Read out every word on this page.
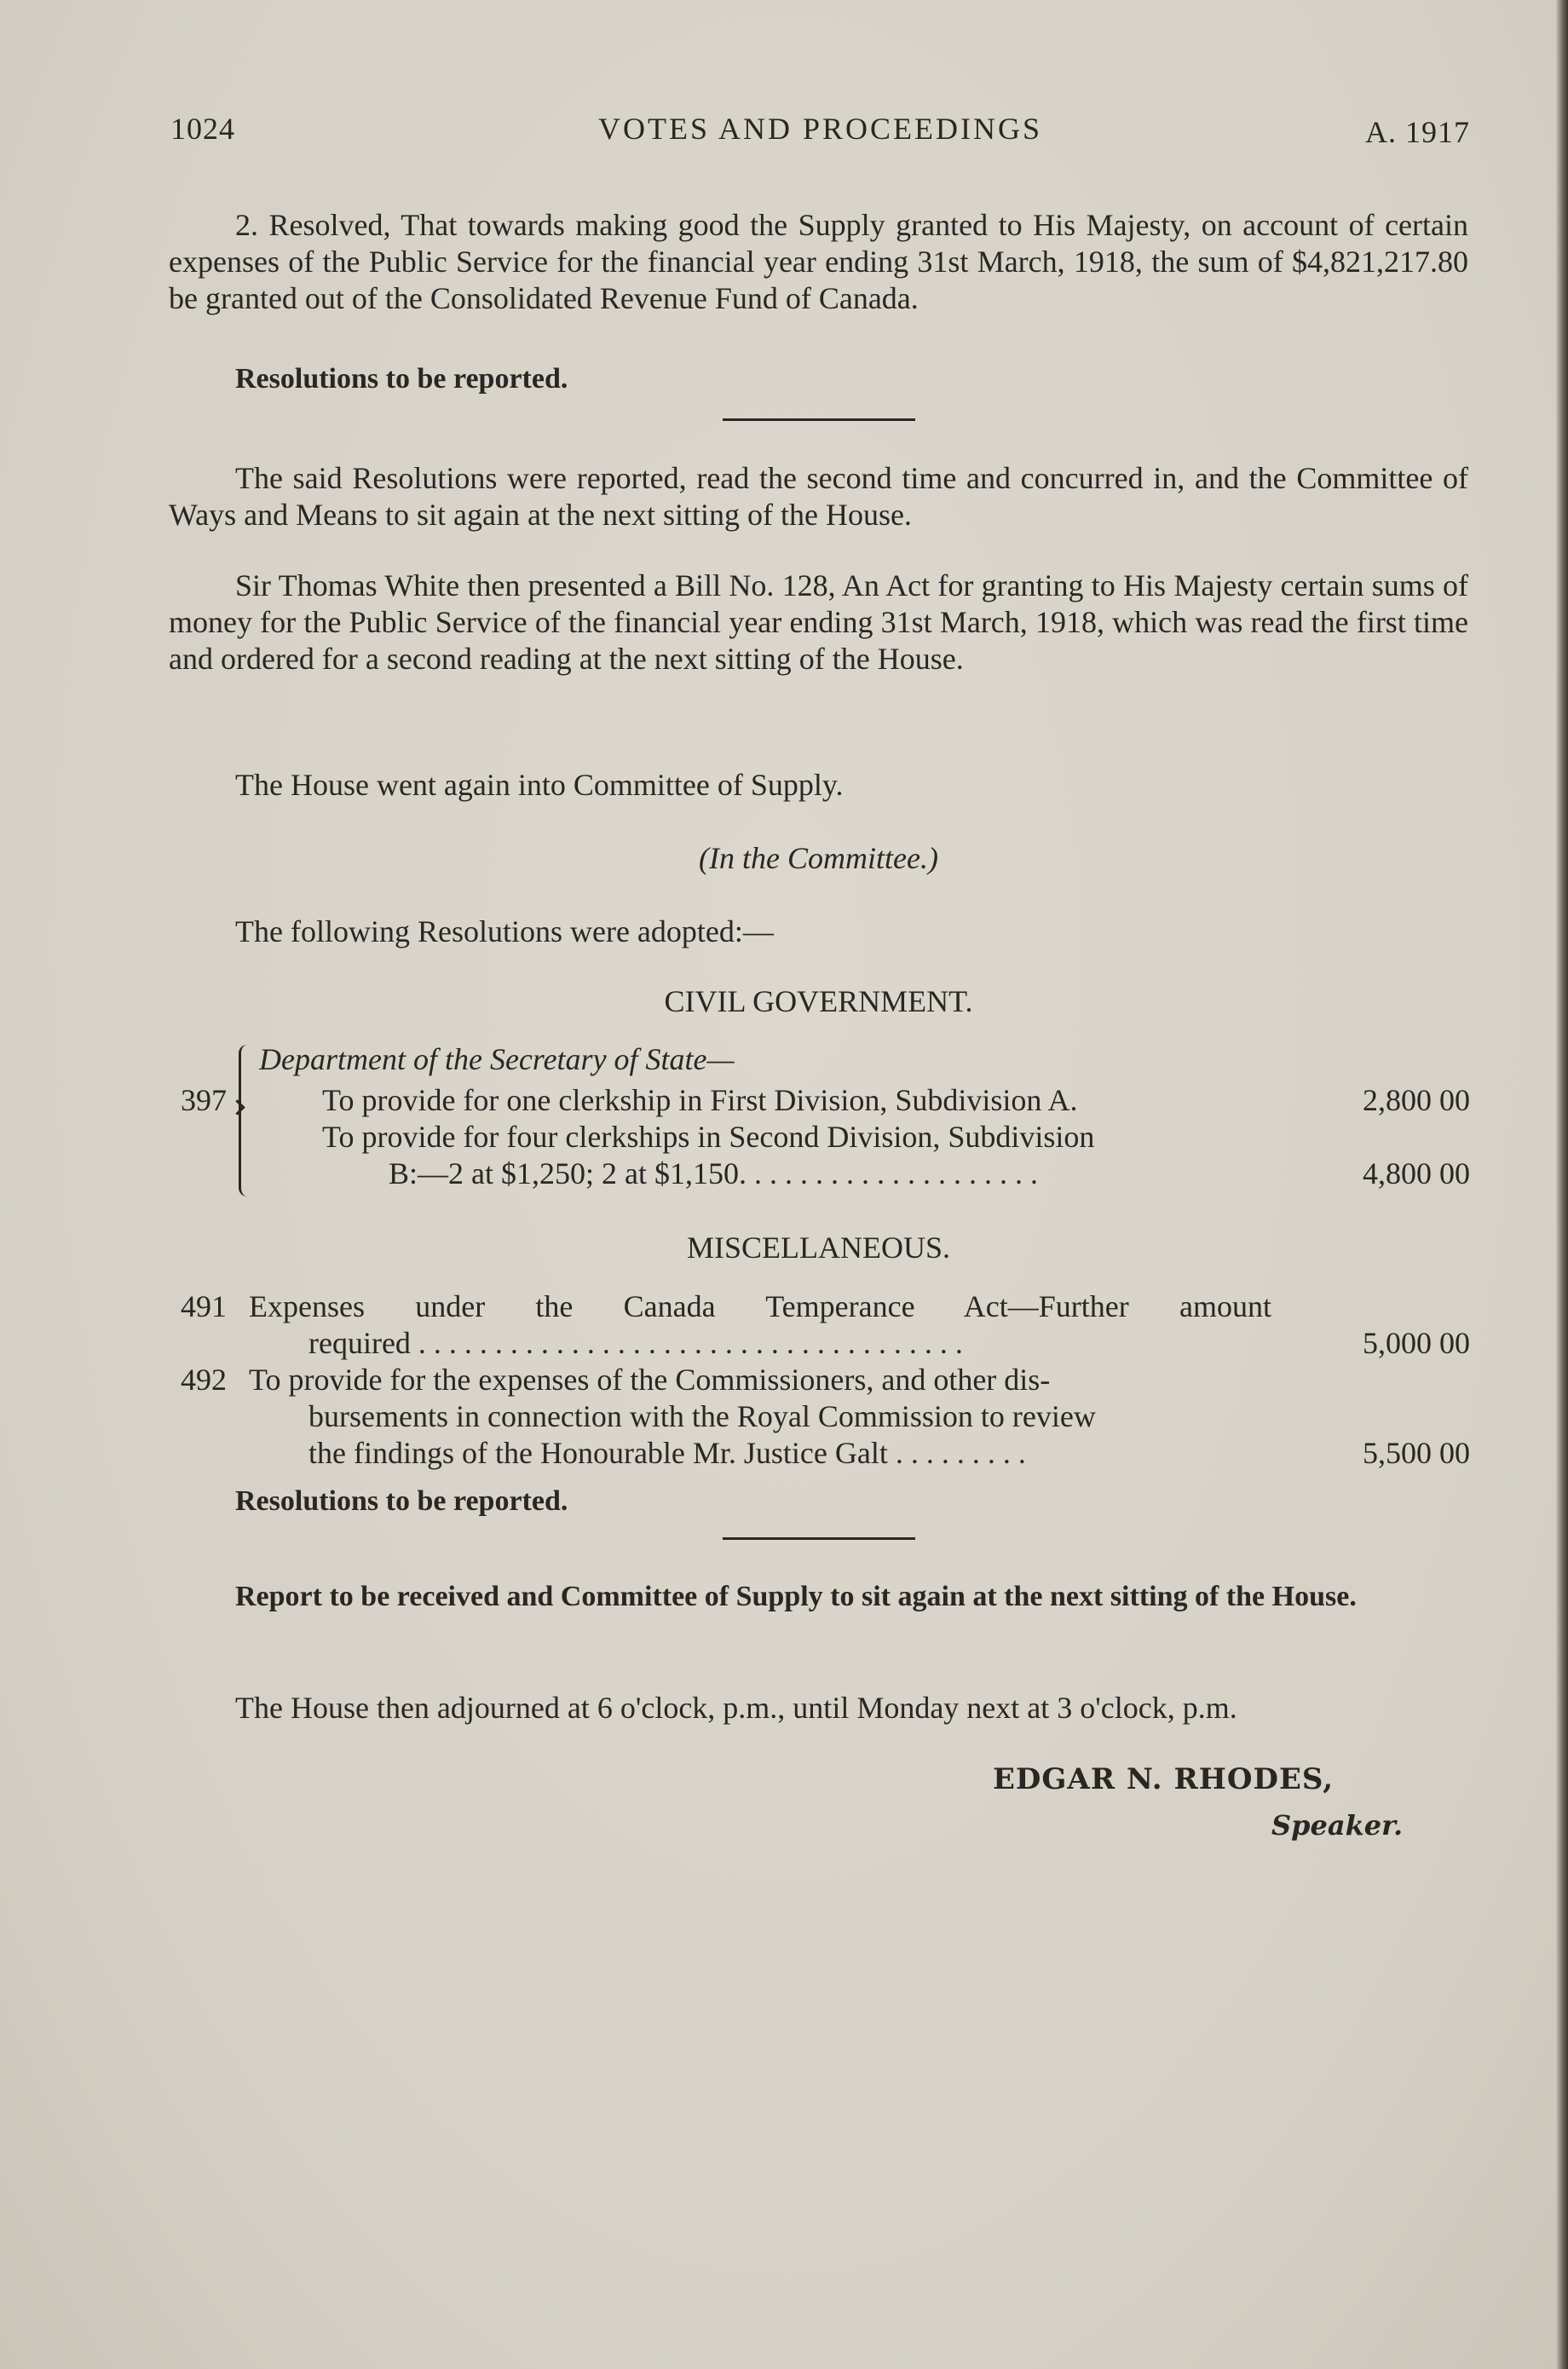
1024	VOTES AND PROCEEDINGS	A. 1917
2. Resolved, That towards making good the Supply granted to His Majesty, on account of certain expenses of the Public Service for the financial year ending 31st March, 1918, the sum of $4,821,217.80 be granted out of the Consolidated Revenue Fund of Canada.
Resolutions to be reported.
The said Resolutions were reported, read the second time and concurred in, and the Committee of Ways and Means to sit again at the next sitting of the House.
Sir Thomas White then presented a Bill No. 128, An Act for granting to His Majesty certain sums of money for the Public Service of the financial year ending 31st March, 1918, which was read the first time and ordered for a second reading at the next sitting of the House.
The House went again into Committee of Supply.
(In the Committee.)
The following Resolutions were adopted:—
CIVIL GOVERNMENT.
397
Department of the Secretary of State—
To provide for one clerkship in First Division, Subdivision A.	2,800 00
To provide for four clerkships in Second Division, Subdivision
B:—2 at $1,250; 2 at $1,150. . . . . . . . . . . . . . . . . . . .	4,800 00
MISCELLANEOUS.
491 Expenses under the Canada Temperance Act—Further amount
required . . . . . . . . . . . . . . . . . . . . . . . . . . . . . . . . . . . .	5,000 00
492 To provide for the expenses of the Commissioners, and other dis-
bursements in connection with the Royal Commission to review
the findings of the Honourable Mr. Justice Galt . . . . . . . . .	5,500 00
Resolutions to be reported.
Report to be received and Committee of Supply to sit again at the next sitting of the House.
The House then adjourned at 6 o'clock, p.m., until Monday next at 3 o'clock, p.m.
EDGAR N. RHODES,
Speaker.
